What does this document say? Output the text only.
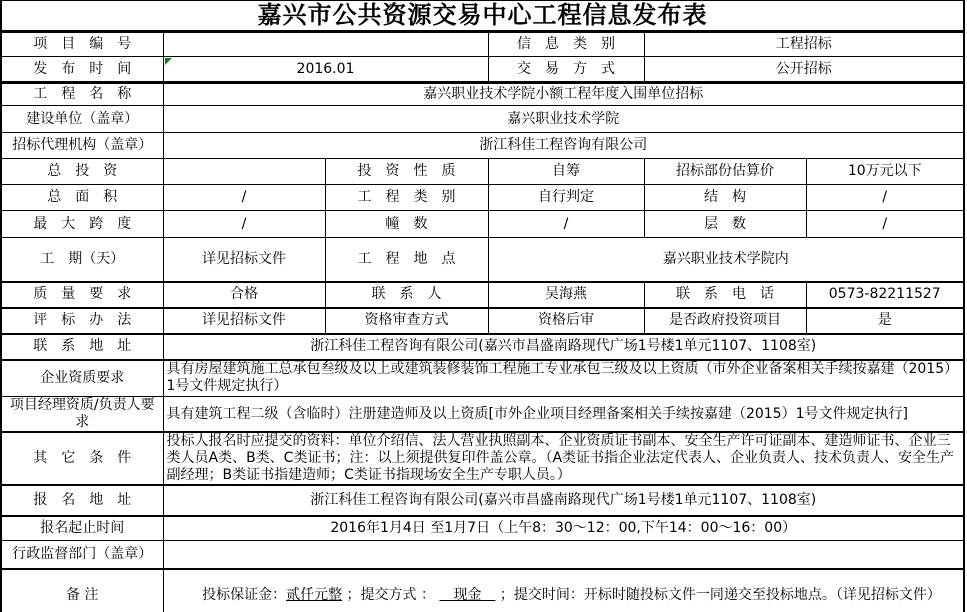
嘉兴市公共资源交易中心工程信息发布表					
项　目　编　号			信　息　类　别	工程招标	
发　布　时　间	2016.01		交　易　方　式	公开招标	
工　程　名　称	嘉兴职业技术学院小额工程年度入围单位招标				
建设单位（盖章）	嘉兴职业技术学院				
招标代理机构（盖章）	浙江科佳工程咨询有限公司				
总　投　资		投　资　性　质	自筹	招标部份估算价	10万元以下
总　面　积	/	工　程　类　别	自行判定	结　构	/
最　大　跨　度	/	幢　数	/	层　数	/
工　期（天）	详见招标文件	工　程　地　点	嘉兴职业技术学院内		
质　量　要　求	合格	联　系　人	吴海燕	联　系　电　话	0573-82211527
评　标　办　法	详见招标文件	资格审查方式	资格后审	是否政府投资项目	是
联　系　地　址	浙江科佳工程咨询有限公司(嘉兴市昌盛南路现代广场1号楼1单元1107、1108室)				
企业资质要求	具有房屋建筑施工总承包叁级及以上或建筑装修装饰工程施工专业承包三级及以上资质（市外企业备案相关手续按嘉建（2015）1号文件规定执行）				
项目经理资质/负责人要求	具有建筑工程二级（含临时）注册建造师及以上资质[市外企业项目经理备案相关手续按嘉建（2015）1号文件规定执行]				
其　它　条　件	投标人报名时应提交的资料：单位介绍信、法人营业执照副本、企业资质证书副本、安全生产许可证副本、建造师证书、企业三类人员A类、B类、C类证书；注：以上须提供复印件盖公章。（A类证书指企业法定代表人、企业负责人、技术负责人、安全生产副经理；B类证书指建造师；C类证书指现场安全生产专职人员。）				
报　名　地　址	浙江科佳工程咨询有限公司(嘉兴市昌盛南路现代广场1号楼1单元1107、1108室)				
报名起止时间	2016年1月4日 至1月7日（上午8：30～12：00,下午14：00～16：00）				
行政监督部门（盖章）					
备 注	投标保证金：贰仟元整 ；提交方式 ： 　现金　 ；提交时间：开标时随投标文件一同递交至投标地点。（详见招标文件）				
